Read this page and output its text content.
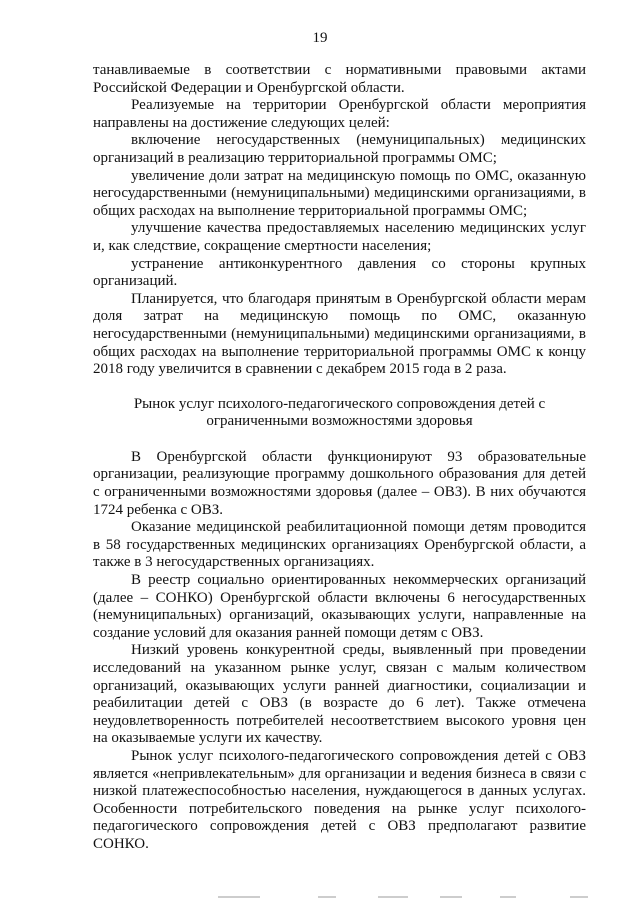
19

танавливаемые в соответствии с нормативными правовыми актами Российской Федерации и Оренбургской области.

Реализуемые на территории Оренбургской области мероприятия направлены на достижение следующих целей:

включение негосударственных (немуниципальных) медицинских организаций в реализацию территориальной программы ОМС;

увеличение доли затрат на медицинскую помощь по ОМС, оказанную негосударственными (немуниципальными) медицинскими организациями, в общих расходах на выполнение территориальной программы ОМС;

улучшение качества предоставляемых населению медицинских услуг и, как следствие, сокращение смертности населения;

устранение антиконкурентного давления со стороны крупных организаций.

Планируется, что благодаря принятым в Оренбургской области мерам доля затрат на медицинскую помощь по ОМС, оказанную негосударственными (немуниципальными) медицинскими организациями, в общих расходах на выполнение территориальной программы ОМС к концу 2018 году увеличится в сравнении с декабрем 2015 года в 2 раза.

Рынок услуг психолого-педагогического сопровождения детей с
ограниченными возможностями здоровья

В Оренбургской области функционируют 93 образовательные организации, реализующие программу дошкольного образования для детей с ограниченными возможностями здоровья (далее – ОВЗ). В них обучаются 1724 ребенка с ОВЗ.

Оказание медицинской реабилитационной помощи детям проводится в 58 государственных медицинских организациях Оренбургской области, а также в 3 негосударственных организациях.

В реестр социально ориентированных некоммерческих организаций (далее – СОНКО) Оренбургской области включены 6 негосударственных (немуниципальных) организаций, оказывающих услуги, направленные на создание условий для оказания ранней помощи детям с ОВЗ.

Низкий уровень конкурентной среды, выявленный при проведении исследований на указанном рынке услуг, связан с малым количеством организаций, оказывающих услуги ранней диагностики, социализации и реабилитации детей с ОВЗ (в возрасте до 6 лет). Также отмечена неудовлетворенность потребителей несоответствием высокого уровня цен на оказываемые услуги их качеству.

Рынок услуг психолого-педагогического сопровождения детей с ОВЗ является «непривлекательным» для организации и ведения бизнеса в связи с низкой платежеспособностью населения, нуждающегося в данных услугах. Особенности потребительского поведения на рынке услуг психолого-педагогического сопровождения детей с ОВЗ предполагают развитие СОНКО.
